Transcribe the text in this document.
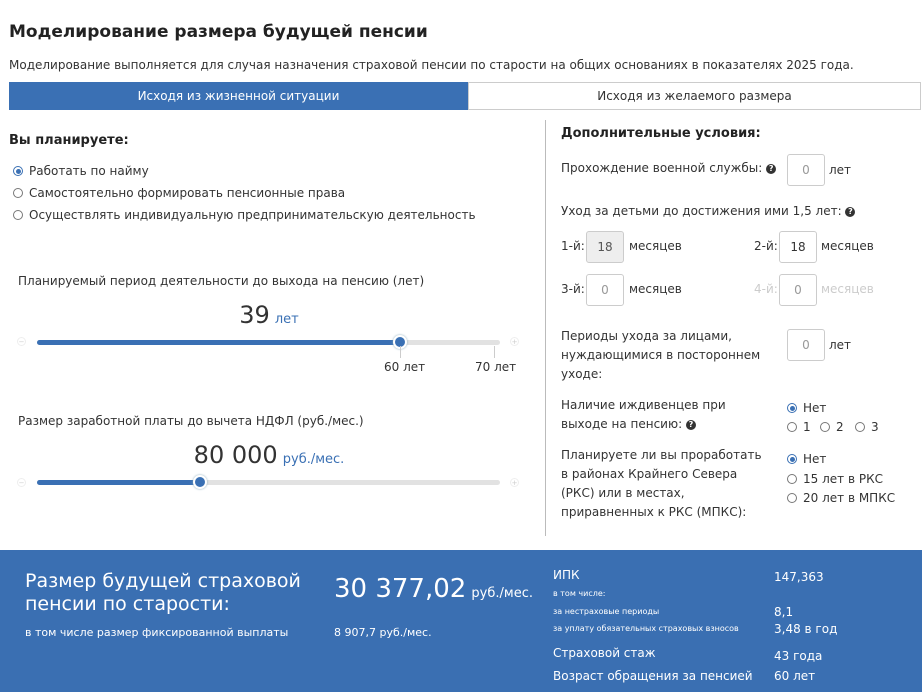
Моделирование размера будущей пенсии
Моделирование выполняется для случая назначения страховой пенсии по старости на общих основаниях в показателях 2025 года.
Исходя из жизненной ситуации	Исходя из желаемого размера
Вы планируете:
Работать по найму
Самостоятельно формировать пенсионные права
Осуществлять индивидуальную предпринимательскую деятельность
Планируемый период деятельности до выхода на пенсию (лет)
39 лет
−	+
60 лет	70 лет
Размер заработной платы до вычета НДФЛ (руб./мес.)
80 000 руб./мес.
−	+
Дополнительные условия:
Прохождение военной службы: ?	0	лет
Уход за детьми до достижения ими 1,5 лет: ?
1-й:	18	месяцев	2-й:	18	месяцев
3-й:	0	месяцев	4-й:	0	месяцев
Периоды ухода за лицами, нуждающимися в постороннем уходе:
0	лет
Наличие иждивенцев при выходе на пенсию: ?
Нет
1 2 3
Планируете ли вы проработать в районах Крайнего Севера (РКС) или в местах, приравненных к РКС (МПКС):
Нет
15 лет в РКС
20 лет в МПКС
Размер будущей страховой пенсии по старости:	30 377,02 руб./мес.
в том числе размер фиксированной выплаты	8 907,7 руб./мес.
ИПК	147,363
в том числе:
за нестраховые периоды	8,1
за уплату обязательных страховых взносов	3,48 в год
Страховой стаж	43 года
Возраст обращения за пенсией 60 лет
